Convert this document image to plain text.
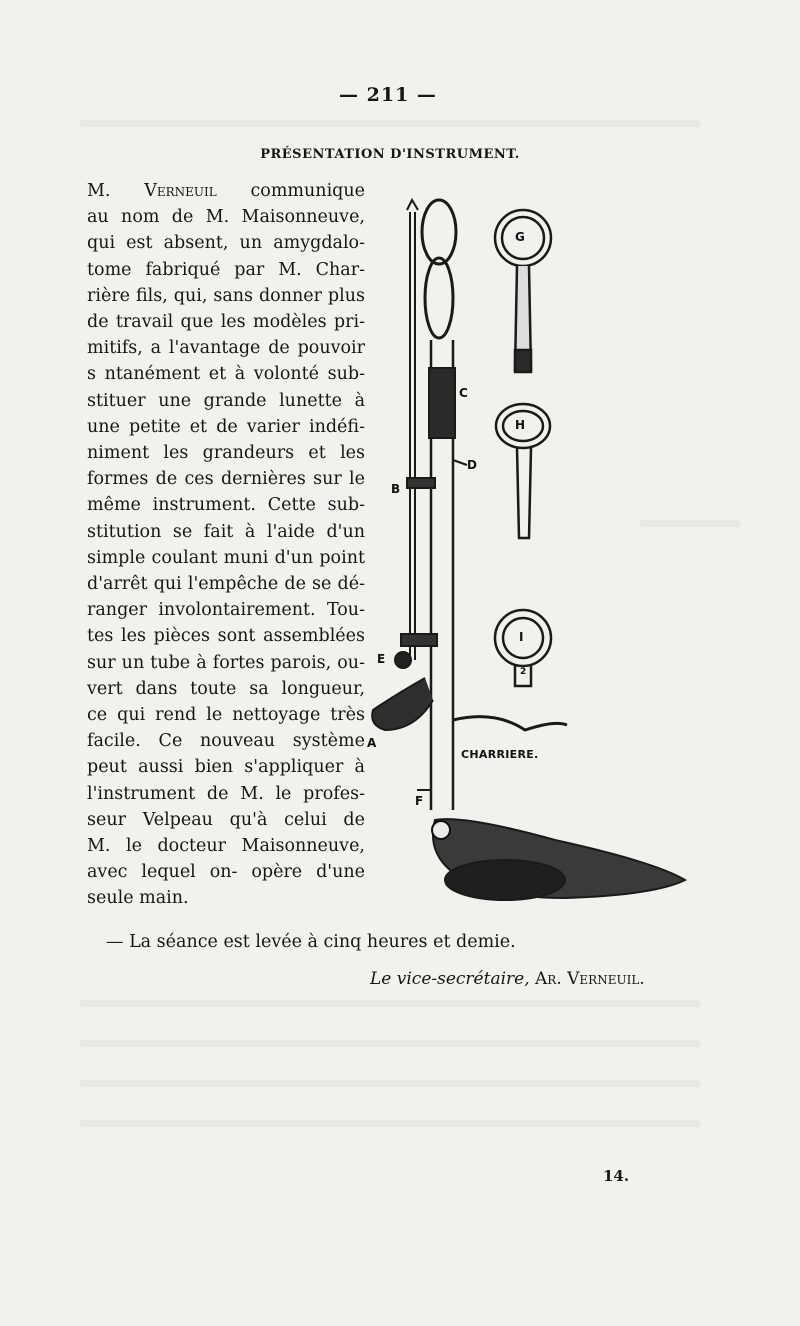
— 211 —
PRÉSENTATION D'INSTRUMENT.
M. Verneuil communique
au nom de M. Maisonneuve,
qui est absent, un amygdalo-
tome fabriqué par M. Char-
rière fils, qui, sans donner plus
de travail que les modèles pri-
mitifs, a l'avantage de pouvoir
s ntanément et à volonté sub-
stituer une grande lunette à
une petite et de varier indéfi-
niment les grandeurs et les
formes de ces dernières sur le
même instrument. Cette sub-
stitution se fait à l'aide d'un
simple coulant muni d'un point
d'arrêt qui l'empêche de se dé-
ranger involontairement. Tou-
tes les pièces sont assemblées
sur un tube à fortes parois, ou-
vert dans toute sa longueur,
ce qui rend le nettoyage très
facile. Ce nouveau système
peut aussi bien s'appliquer à
l'instrument de M. le profes-
seur Velpeau qu'à celui de
M. le docteur Maisonneuve,
avec lequel on- opère d'une
seule main.
G
H
I
2
C
D
B
E
A
F
CHARRIERE.
— La séance est levée à cinq heures et demie.
Le vice-secrétaire, Ar. Verneuil.
14.
